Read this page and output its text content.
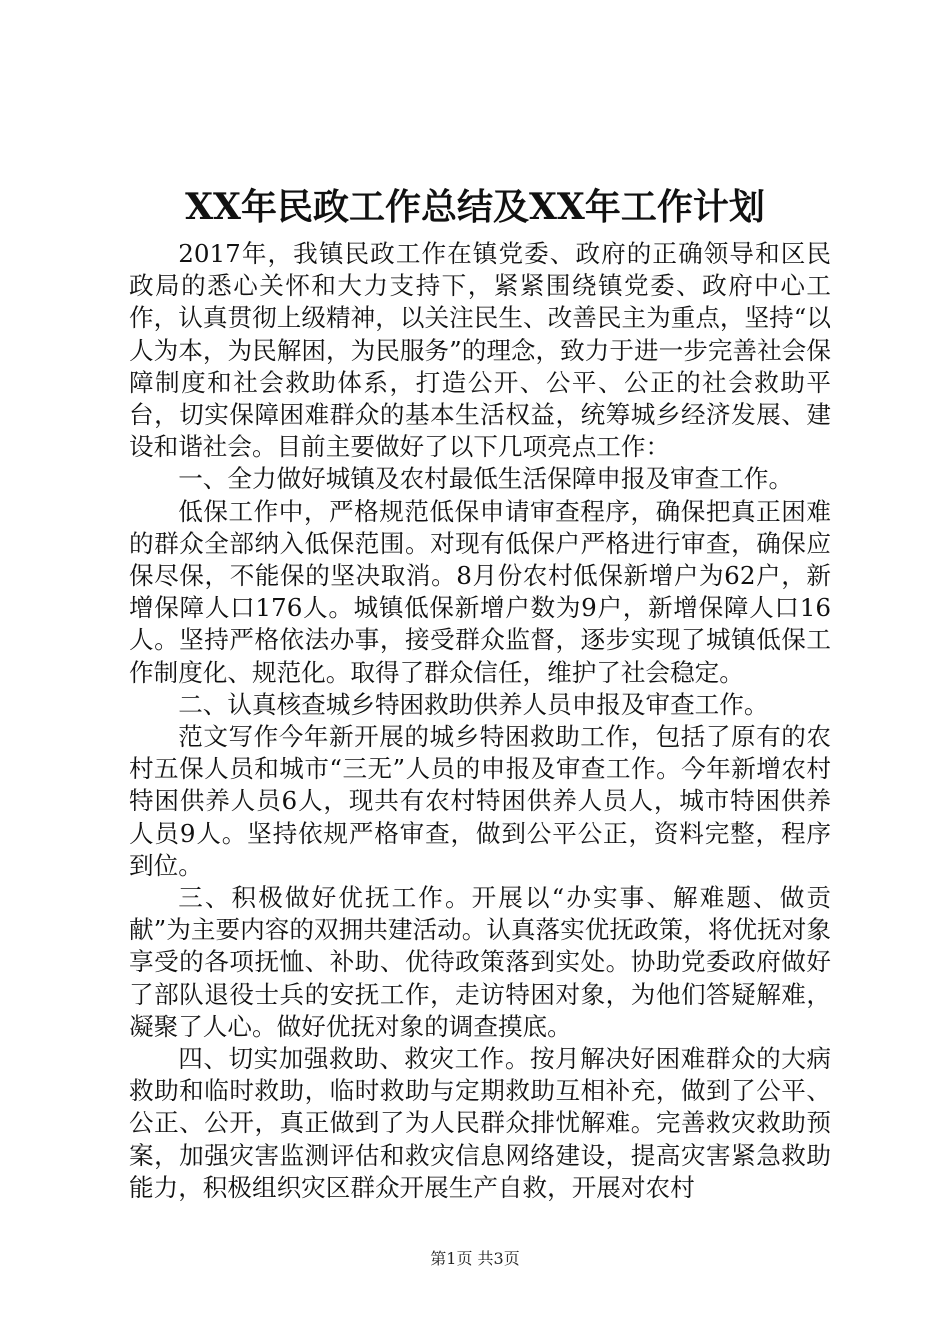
XX年民政工作总结及XX年工作计划

2017年，我镇民政工作在镇党委、政府的正确领导和区民政局的悉心关怀和大力支持下，紧紧围绕镇党委、政府中心工作，认真贯彻上级精神，以关注民生、改善民主为重点，坚持“以人为本，为民解困，为民服务”的理念，致力于进一步完善社会保障制度和社会救助体系，打造公开、公平、公正的社会救助平台，切实保障困难群众的基本生活权益，统筹城乡经济发展、建设和谐社会。目前主要做好了以下几项亮点工作：

一、全力做好城镇及农村最低生活保障申报及审查工作。

低保工作中，严格规范低保申请审查程序，确保把真正困难的群众全部纳入低保范围。对现有低保户严格进行审查，确保应保尽保，不能保的坚决取消。8月份农村低保新增户为62户，新增保障人口176人。城镇低保新增户数为9户，新增保障人口16人。坚持严格依法办事，接受群众监督，逐步实现了城镇低保工作制度化、规范化。取得了群众信任，维护了社会稳定。

二、认真核查城乡特困救助供养人员申报及审查工作。

范文写作今年新开展的城乡特困救助工作，包括了原有的农村五保人员和城市“三无”人员的申报及审查工作。今年新增农村特困供养人员6人，现共有农村特困供养人员人，城市特困供养人员9人。坚持依规严格审查，做到公平公正，资料完整，程序到位。

三、积极做好优抚工作。开展以“办实事、解难题、做贡献”为主要内容的双拥共建活动。认真落实优抚政策，将优抚对象享受的各项抚恤、补助、优待政策落到实处。协助党委政府做好了部队退役士兵的安抚工作，走访特困对象，为他们答疑解难，凝聚了人心。做好优抚对象的调查摸底。

四、切实加强救助、救灾工作。按月解决好困难群众的大病救助和临时救助，临时救助与定期救助互相补充，做到了公平、公正、公开，真正做到了为人民群众排忧解难。完善救灾救助预案，加强灾害监测评估和救灾信息网络建设，提高灾害紧急救助能力，积极组织灾区群众开展生产自救，开展对农村

第1页 共3页
